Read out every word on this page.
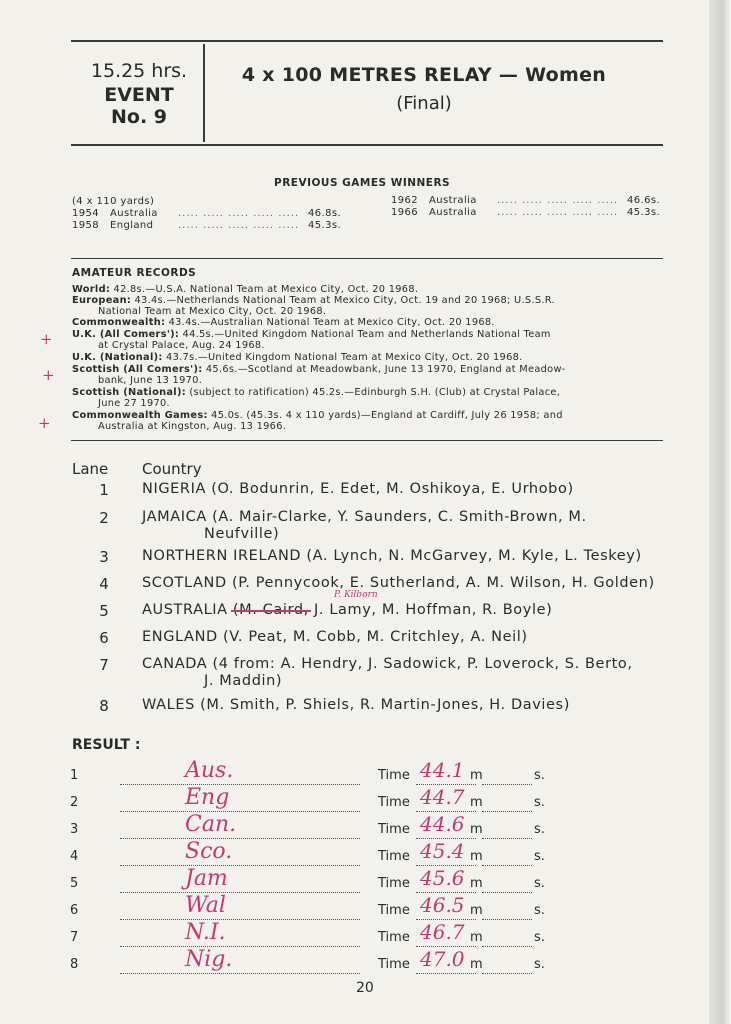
15.25 hrs.
EVENT
No. 9
4 x 100 METRES RELAY — Women
(Final)
PREVIOUS GAMES WINNERS
(4 x 110 yards)
1954 Australia ..... ..... ..... ..... ..... 46.8s.
1958 England ..... ..... ..... ..... ..... 45.3s.
1962 Australia ..... ..... ..... ..... ..... 46.6s.
1966 Australia ..... ..... ..... ..... ..... 45.3s.
AMATEUR RECORDS
World: 42.8s.—U.S.A. National Team at Mexico City, Oct. 20 1968.
European: 43.4s.—Netherlands National Team at Mexico City, Oct. 19 and 20 1968; U.S.S.R.
National Team at Mexico City, Oct. 20 1968.
Commonwealth: 43.4s.—Australian National Team at Mexico City, Oct. 20 1968.
U.K. (All Comers'): 44.5s.—United Kingdom National Team and Netherlands National Team
at Crystal Palace, Aug. 24 1968.
U.K. (National): 43.7s.—United Kingdom National Team at Mexico City, Oct. 20 1968.
Scottish (All Comers'): 45.6s.—Scotland at Meadowbank, June 13 1970, England at Meadow-
bank, June 13 1970.
Scottish (National): (subject to ratification) 45.2s.—Edinburgh S.H. (Club) at Crystal Palace,
June 27 1970.
Commonwealth Games: 45.0s. (45.3s. 4 x 110 yards)—England at Cardiff, July 26 1958; and
Australia at Kingston, Aug. 13 1966.
+
+
+
Lane Country
1	NIGERIA (O. Bodunrin, E. Edet, M. Oshikoya, E. Urhobo)
2	JAMAICA (A. Mair-Clarke, Y. Saunders, C. Smith-Brown, M.
Neufville)
3	NORTHERN IRELAND (A. Lynch, N. McGarvey, M. Kyle, L. Teskey)
4	SCOTLAND (P. Pennycook, E. Sutherland, A. M. Wilson, H. Golden)
P. Kilborn
5	AUSTRALIA (M. Caird, J. Lamy, M. Hoffman, R. Boyle)
6	ENGLAND (V. Peat, M. Cobb, M. Critchley, A. Neil)
7	CANADA (4 from: A. Hendry, J. Sadowick, P. Loverock, S. Berto,
J. Maddin)
8	WALES (M. Smith, P. Shiels, R. Martin-Jones, H. Davies)
RESULT :
1	Aus.	Time 44.1 m	s.
2	Eng	Time 44.7 m	s.
3	Can.	Time 44.6 m	s.
4	Sco.	Time 45.4 m	s.
5	Jam	Time 45.6 m	s.
6	Wal	Time 46.5 m	s.
7	N.I.	Time 46.7 m	s.
8	Nig.	Time 47.0 m	s.
20
